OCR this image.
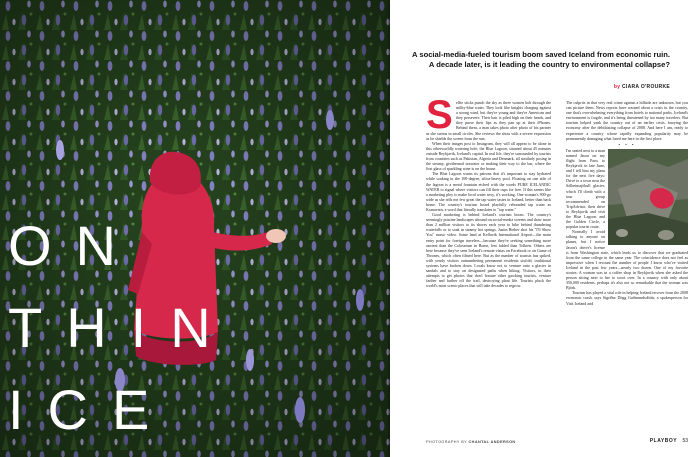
ON
THIN
ICE
A social-media-fueled tourism boom saved Iceland from economic ruin. A decade later, is it leading the country to environmental collapse?
by CIARA O'ROURKE
S elfie sticks punch the sky as three women bob through the milky-blue water. They look like knights charging against a strong wind, but they're young and they're American and they persevere. Their hair is piled high on their heads, and they purse their lips as they pan up at their iPhones. Behind them, a man takes photo after photo of his partner as she swims in small circles. She reviews the shots with a severe expression as he shields the screen from the sun.

When their images post to Instagram, they will all appear to be alone in this otherworldly watering hole, the Blue Lagoon, situated about 45 minutes outside Reykjavik, Iceland's capital. In real life, they're surrounded by tourists from countries such as Pakistan, Algeria and Denmark, all similarly posing in the steamy, geothermal seawater or making their way to the bar, where the first glass of sparkling wine is on the house.

The Blue Lagoon warns its patrons that it's important to stay hydrated while soaking in the 100-degree, silica-heavy pool. Floating on one side of the lagoon is a metal fountain etched with the words PURE ICELANDIC WATER to signal where visitors can fill their cups for free. If this seems like a marketing ploy to make local water sexy, it's working. One woman's 900-go wide as she tells me few great the tap water tastes in Iceland, better than back home. The country's tourism board playfully rebranded tap water as Kranavatn, a word that literally translates to "tap water."

Good marketing is behind Iceland's tourism boom. The country's seemingly pristine landscapes abound on social-media screens and draw more than 2 million visitors to its shores each year to hike behind thundering waterfalls or to soak in steamy hot springs. Justin Bieber shot his "I'll Show You" music video. Some land at Keflavik International Airport—the main entry point for foreign travelers—because they're seeking something more ancient than the Colosseum in Rome, less fabled than Tolkien. Others are here because they've seen Iceland's remote vistas on Facebook or on Game of Thrones, which often filmed here. But as the number of tourists has spiked, with yearly visitors outnumbering permanent residents sixfold, traditional systems have broken down. Locals know not to venture onto a glacier in sandals and to stay on designated paths when hiking. Visitors, in their attempts to get photos that don't feature other gawking tourists, venture farther and farther off the trail, destroying plant life. Tourists pluck the world's most scenic places that will take decades to regrow.

The culprits in that very real crime against a hillside are unknown, but you can picture them. News reports have warned about a crisis in the country, one that's overwhelming everything from hotels to national parks. Iceland's environment is fragile, and it's being threatened by too many travelers. But tourism helped yank the country out of an earlier crisis, buoying the economy after the debilitating collapse of 2008. And here I am, ready to experience a country whose rapidly expanding popularity may be permanently damaging what lured me here in the first place.

• • •

I'm seated next to a man named Jason on my flight from Paris to Reykjavik in late June, and I tell him my plans for the next five days: Drive to a town near the Sólheimajökull glacier, which I'll climb with a tour group recommended on TripAdvisor, then drive to Reykjavik and visit the Blue Lagoon and the Golden Circle, a popular tourist route.

Normally I avoid talking to anyone on planes, but I notice Jason's driver's license is from Washington state, which leads us to discover that we graduated from the same college in the same year. The coincidence does not feel as impressive when I recount the number of people I know who've visited Iceland in the past few years—nearly two dozen. One of my favorite stories: A woman was in a coffee shop in Reykjavik when she asked the person sitting next to her to scoot over. In a country with only about 350,000 residents, perhaps it's also not so remarkable that the woman was Björk.

Tourism has played a vital role in helping Iceland recover from the 2008 economic crash, says Sigríður Dögg Guðmundsdóttir, a spokesperson for Visit Iceland and

PHOTOGRAPHY BY CHANTAL ANDERSON	PLAYBOY 53
